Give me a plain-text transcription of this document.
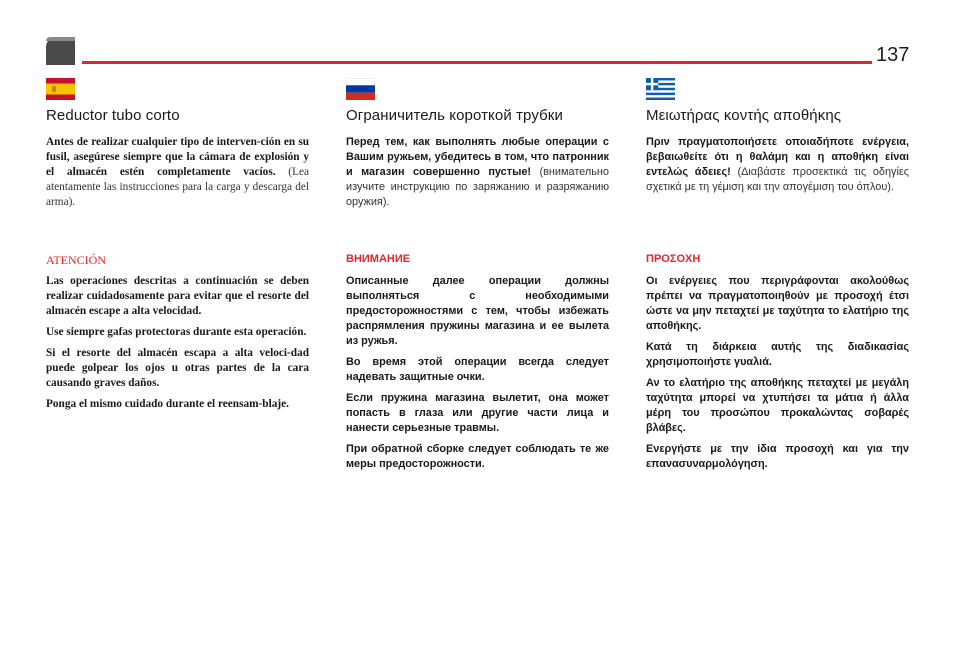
137
Reductor tubo corto

Antes de realizar cualquier tipo de interven-ción en su fusil, asegúrese siempre que la cámara de explosión y el almacén estén completamente vacíos. (Lea atentamente las instrucciones para la carga y descarga del arma).

ATENCIÓN

Las operaciones descritas a continuación se deben realizar cuidadosamente para evitar que el resorte del almacén escape a alta velocidad.

Use siempre gafas protectoras durante esta operación.

Si el resorte del almacén escapa a alta veloci-dad puede golpear los ojos u otras partes de la cara causando graves daños.

Ponga el mismo cuidado durante el reensam-blaje.

Ограничитель короткой трубки

Перед тем, как выполнять любые операции с Вашим ружьем, убедитесь в том, что патронник и магазин совершенно пустые! (внимательно изучите инструкцию по заряжанию и разряжанию оружия).

ВНИМАНИЕ

Описанные далее операции должны выполняться с необходимыми предосторожностями с тем, чтобы избежать распрямления пружины магазина и ее вылета из ружья.

Во время этой операции всегда следует надевать защитные очки.

Если пружина магазина вылетит, она может попасть в глаза или другие части лица и нанести серьезные травмы.

При обратной сборке следует соблюдать те же меры предосторожности.

Μειωτήρας κοντής αποθήκης

Πριν πραγματοποιήσετε οποιαδήποτε ενέργεια, βεβαιωθείτε ότι η θαλάμη και η αποθήκη είναι εντελώς άδειες! (Διαβάστε προσεκτικά τις οδηγίες σχετικά με τη γέμιση και την απογέμιση του όπλου).

ΠΡΟΣΟΧΗ

Οι ενέργειες που περιγράφονται ακολούθως πρέπει να πραγματοποιηθούν με προσοχή έτσι ώστε να μην πεταχτεί με ταχύτητα το ελατήριο της αποθήκης.

Κατά τη διάρκεια αυτής της διαδικασίας χρησιμοποιήστε γυαλιά.

Αν το ελατήριο της αποθήκης πεταχτεί με μεγάλη ταχύτητα μπορεί να χτυπήσει τα μάτια ή άλλα μέρη του προσώπου προκαλώντας σοβαρές βλάβες.

Ενεργήστε με την ίδια προσοχή και για την επανασυναρμολόγηση.
